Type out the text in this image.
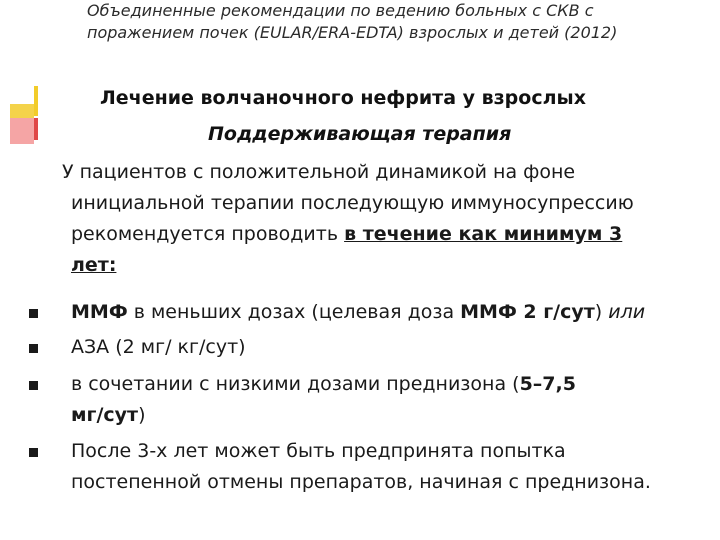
Объединенные рекомендации по ведению больных с СКВ с
поражением почек (EULAR/ERA-EDTA) взрослых и детей (2012)
Лечение волчаночного нефрита у взрослых
Поддерживающая терапия
У пациентов с положительной динамикой на фоне
инициальной терапии последующую иммуносупрессию
рекомендуется проводить в течение как минимум 3
лет:
ММФ в меньших дозах (целевая доза ММФ 2 г/сут) или
АЗА (2 мг/ кг/сут)
в сочетании с низкими дозами преднизона (5–7,5
мг/сут)
После 3-х лет может быть предпринята попытка
постепенной отмены препаратов, начиная с преднизона.
